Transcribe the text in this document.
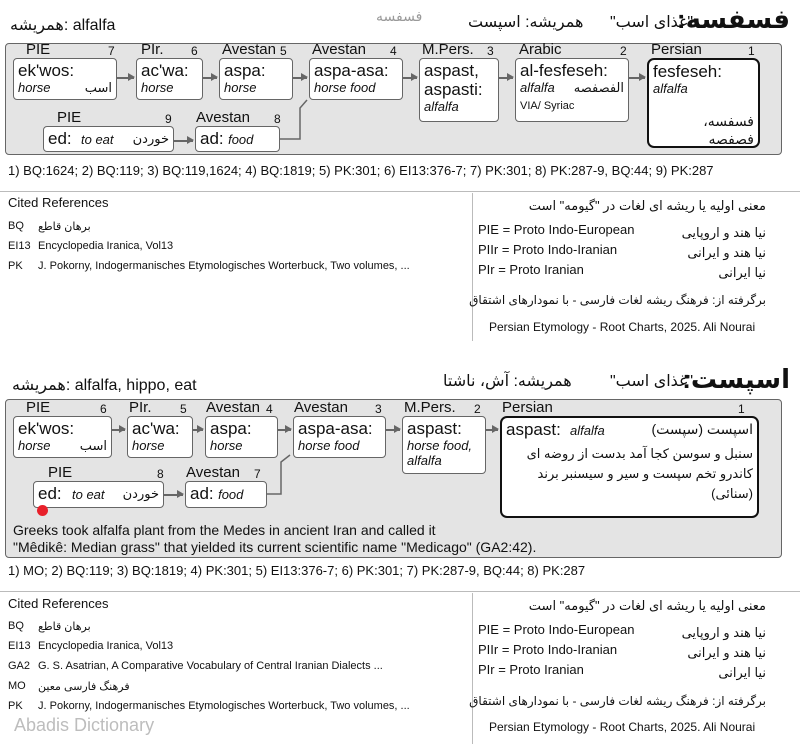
alfalfa :همریشه
فسفسه	فسفسه:
"غذای اسب"
همریشه: اسپست
PIE	7 PIr. 6 Avestan 5 Avestan 4 M.Pers. 3 Arabic	2 Persian	1
ek'wos:
horse	اسب
ac'wa:
horse
aspa:
horse
aspa-asa:
horse food
aspast,
aspasti:
alfalfa
al-fesfeseh:
alfalfa الفصفصه
VIA/ Syriac
fesfeseh:
alfalfa
فسفسه،
فصفصه
PIE	9 Avestan 8
ed: to eat خوردن ad: food
1) BQ:1624; 2) BQ:119; 3) BQ:119,1624; 4) BQ:1819; 5) PK:301; 6) EI13:376-7; 7) PK:301; 8) PK:287-9, BQ:44; 9) PK:287
Cited References
BQ برهان قاطع
EI13 Encyclopedia Iranica, Vol13
PK J. Pokorny, Indogermanisches Etymologisches Worterbuck, Two volumes, ...
معنی اولیه یا ریشه ای لغات در "گیومه" است
PIE = Proto Indo-European	نیا هند و اروپایی
PIIr = Proto Indo-Iranian	نیا هند و ایرانی
PIr = Proto Iranian	نیا ایرانی
برگرفته از: فرهنگ ریشه لغات فارسی - با نمودارهای اشتقاق
Persian Etymology - Root Charts, 2025. Ali Nourai
alfalfa, hippo, eat :همریشه	اسپست:
"غذای اسب"
همریشه: آش، ناشتا
PIE	6 PIr. 5 Avestan 4 Avestan 3 M.Pers. 2 Persian	1
ek'wos:
horse اسب
ac'wa:
horse
aspa:
horse
aspa-asa:
horse food
aspast:
horse food,
alfalfa
aspast: alfalfa	اسپست (سپست)
سنبل و سوسن کجا آمد بدست از روضه ای
کاندرو تخم سپست و سیر و سیسنبر برند
(سنائی)
PIE	8 Avestan 7
ed: to eat خوردن ad: food
Greeks took alfalfa plant from the Medes in ancient Iran and called it
"Mêdikê: Median grass" that yielded its current scientific name "Medicago" (GA2:42).
1) MO; 2) BQ:119; 3) BQ:1819; 4) PK:301; 5) EI13:376-7; 6) PK:301; 7) PK:287-9, BQ:44; 8) PK:287
Cited References
BQ برهان قاطع
EI13 Encyclopedia Iranica, Vol13
GA2 G. S. Asatrian, A Comparative Vocabulary of Central Iranian Dialects ...
MO فرهنگ فارسی معین
PK J. Pokorny, Indogermanisches Etymologisches Worterbuck, Two volumes, ...
Abadis Dictionary
معنی اولیه یا ریشه ای لغات در "گیومه" است
PIE = Proto Indo-European	نیا هند و اروپایی
PIIr = Proto Indo-Iranian	نیا هند و ایرانی
PIr = Proto Iranian	نیا ایرانی
برگرفته از: فرهنگ ریشه لغات فارسی - با نمودارهای اشتقاق
Persian Etymology - Root Charts, 2025. Ali Nourai
